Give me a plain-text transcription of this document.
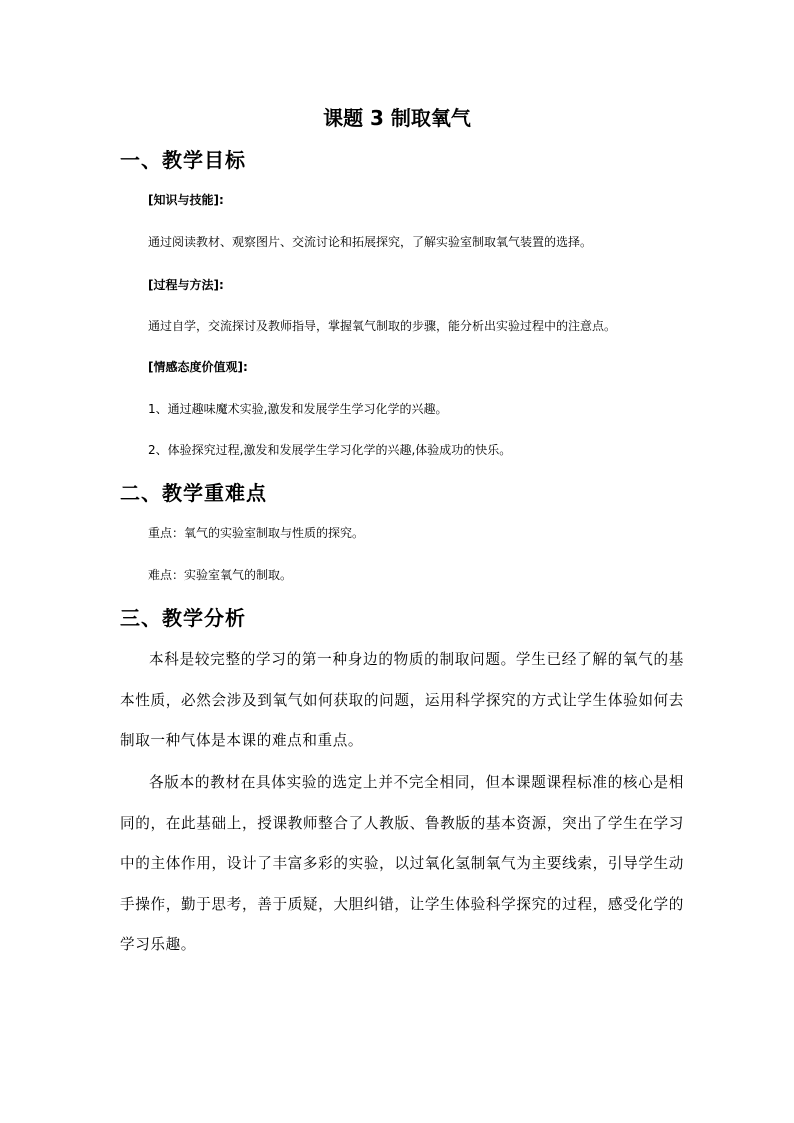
课题 3 制取氧气
一、教学目标
[知识与技能]:
通过阅读教材、观察图片、交流讨论和拓展探究，了解实验室制取氧气装置的选择。
[过程与方法]:
通过自学，交流探讨及教师指导，掌握氧气制取的步骤，能分析出实验过程中的注意点。
[情感态度价值观]:
1、通过趣味魔术实验,激发和发展学生学习化学的兴趣。
2、体验探究过程,激发和发展学生学习化学的兴趣,体验成功的快乐。
二、教学重难点
重点：氧气的实验室制取与性质的探究。
难点：实验室氧气的制取。
三、教学分析
本科是较完整的学习的第一种身边的物质的制取问题。学生已经了解的氧气的基本性质，必然会涉及到氧气如何获取的问题，运用科学探究的方式让学生体验如何去制取一种气体是本课的难点和重点。
各版本的教材在具体实验的选定上并不完全相同，但本课题课程标准的核心是相同的，在此基础上，授课教师整合了人教版、鲁教版的基本资源，突出了学生在学习中的主体作用，设计了丰富多彩的实验，以过氧化氢制氧气为主要线索，引导学生动手操作，勤于思考，善于质疑，大胆纠错，让学生体验科学探究的过程，感受化学的学习乐趣。
